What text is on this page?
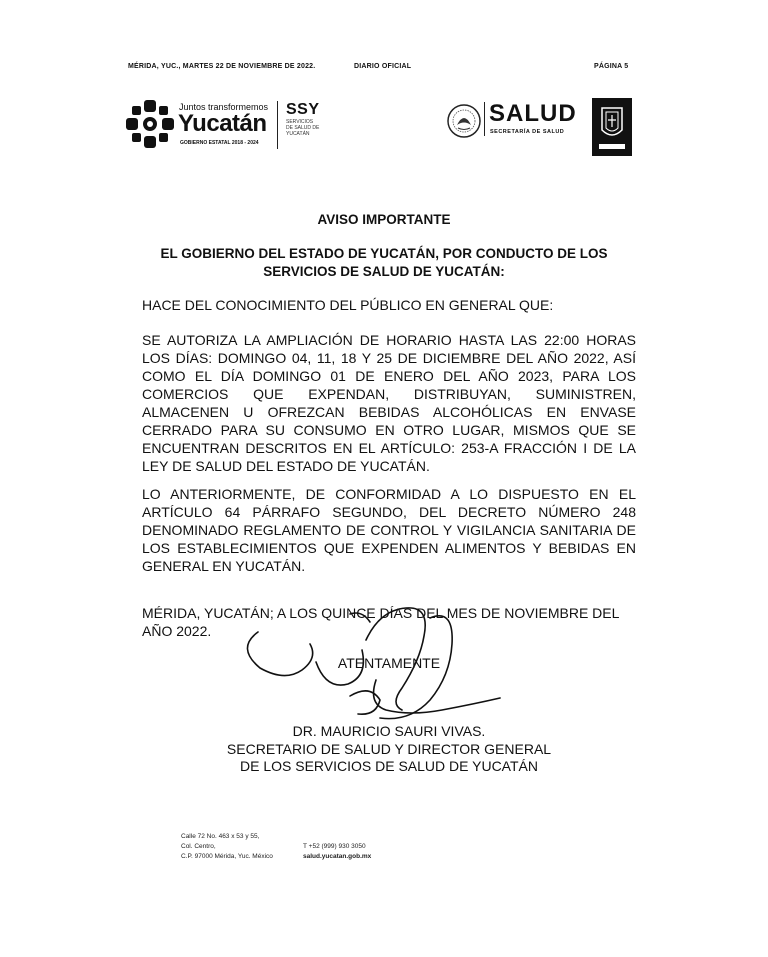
MÉRIDA, YUC., MARTES 22 DE NOVIEMBRE DE 2022.	DIARIO OFICIAL	PÁGINA 5
Juntos transformemos
Yucatán
GOBIERNO ESTATAL 2018 - 2024
SSY
SERVICIOS
DE SALUD DE
YUCATÁN
SALUD
SECRETARÍA DE SALUD
AVISO IMPORTANTE
EL GOBIERNO DEL ESTADO DE YUCATÁN, POR CONDUCTO DE LOS
SERVICIOS DE SALUD DE YUCATÁN:
HACE DEL CONOCIMIENTO DEL PÚBLICO EN GENERAL QUE:
SE AUTORIZA LA AMPLIACIÓN DE HORARIO HASTA LAS 22:00 HORAS LOS DÍAS: DOMINGO 04, 11, 18 Y 25 DE DICIEMBRE DEL AÑO 2022, ASÍ COMO EL DÍA DOMINGO 01 DE ENERO DEL AÑO 2023, PARA LOS COMERCIOS QUE EXPENDAN, DISTRIBUYAN, SUMINISTREN, ALMACENEN U OFREZCAN BEBIDAS ALCOHÓLICAS EN ENVASE CERRADO PARA SU CONSUMO EN OTRO LUGAR, MISMOS QUE SE ENCUENTRAN DESCRITOS EN EL ARTÍCULO: 253-A FRACCIÓN I DE LA LEY DE SALUD DEL ESTADO DE YUCATÁN.
LO ANTERIORMENTE, DE CONFORMIDAD A LO DISPUESTO EN EL ARTÍCULO 64 PÁRRAFO SEGUNDO, DEL DECRETO NÚMERO 248 DENOMINADO REGLAMENTO DE CONTROL Y VIGILANCIA SANITARIA DE LOS ESTABLECIMIENTOS QUE EXPENDEN ALIMENTOS Y BEBIDAS EN GENERAL EN YUCATÁN.
MÉRIDA, YUCATÁN; A LOS QUINCE DÍAS DEL MES DE NOVIEMBRE DEL AÑO 2022.
ATENTAMENTE
DR. MAURICIO SAURI VIVAS.
SECRETARIO DE SALUD Y DIRECTOR GENERAL
DE LOS SERVICIOS DE SALUD DE YUCATÁN
Calle 72 No. 463 x 53 y 55,
Col. Centro,
C.P. 97000 Mérida, Yuc. México
T +52 (999) 930 3050
salud.yucatan.gob.mx
